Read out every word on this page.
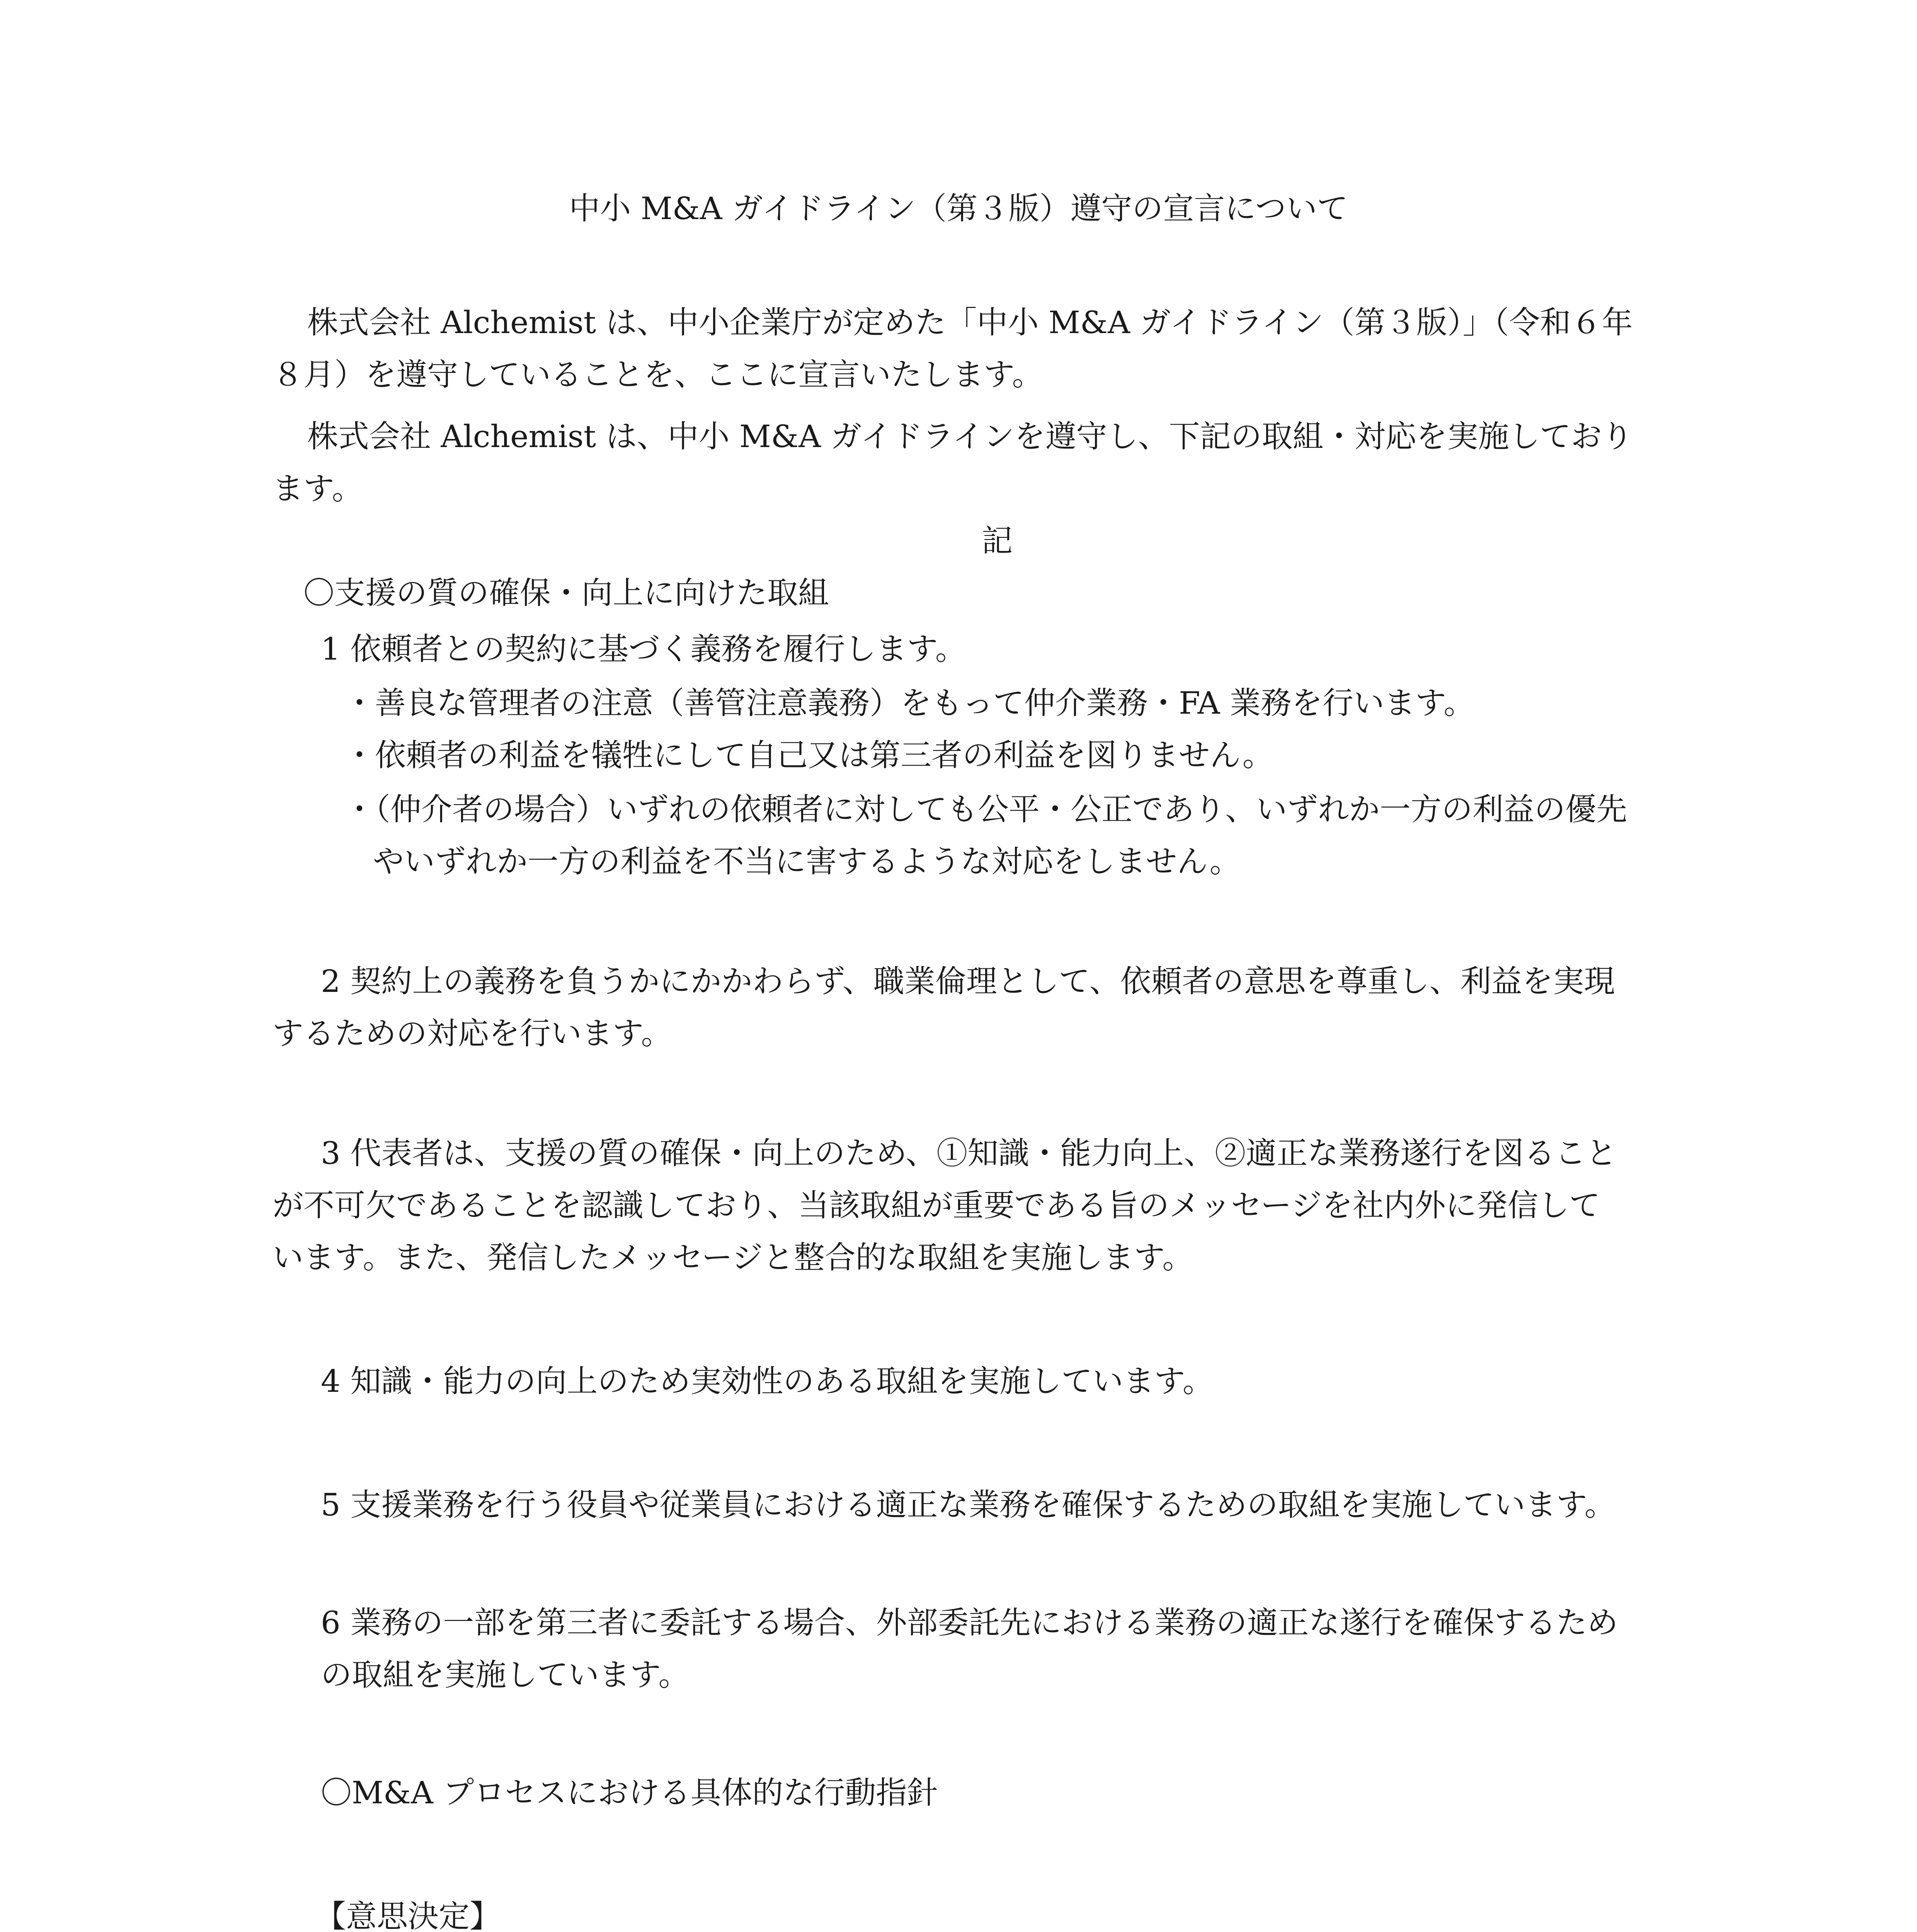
中小 M&A ガイドライン（第３版）遵守の宣言について

株式会社 Alchemist は、中小企業庁が定めた「中小 M&A ガイドライン（第３版）」（令和６年

８月）を遵守していることを、ここに宣言いたします。

株式会社 Alchemist は、中小 M&A ガイドラインを遵守し、下記の取組・対応を実施しており

ます。

記

〇支援の質の確保・向上に向けた取組

1 依頼者との契約に基づく義務を履行します。

・善良な管理者の注意（善管注意義務）をもって仲介業務・FA 業務を行います。

・依頼者の利益を犠牲にして自己又は第三者の利益を図りません。

・（仲介者の場合）いずれの依頼者に対しても公平・公正であり、いずれか一方の利益の優先

やいずれか一方の利益を不当に害するような対応をしません。

2 契約上の義務を負うかにかかわらず、職業倫理として、依頼者の意思を尊重し、利益を実現

するための対応を行います。

3 代表者は、支援の質の確保・向上のため、①知識・能力向上、②適正な業務遂行を図ること

が不可欠であることを認識しており、当該取組が重要である旨のメッセージを社内外に発信して

います。また、発信したメッセージと整合的な取組を実施します。

4 知識・能力の向上のため実効性のある取組を実施しています。

5 支援業務を行う役員や従業員における適正な業務を確保するための取組を実施しています。

6 業務の一部を第三者に委託する場合、外部委託先における業務の適正な遂行を確保するため

の取組を実施しています。

〇M&A プロセスにおける具体的な行動指針

【意思決定】
